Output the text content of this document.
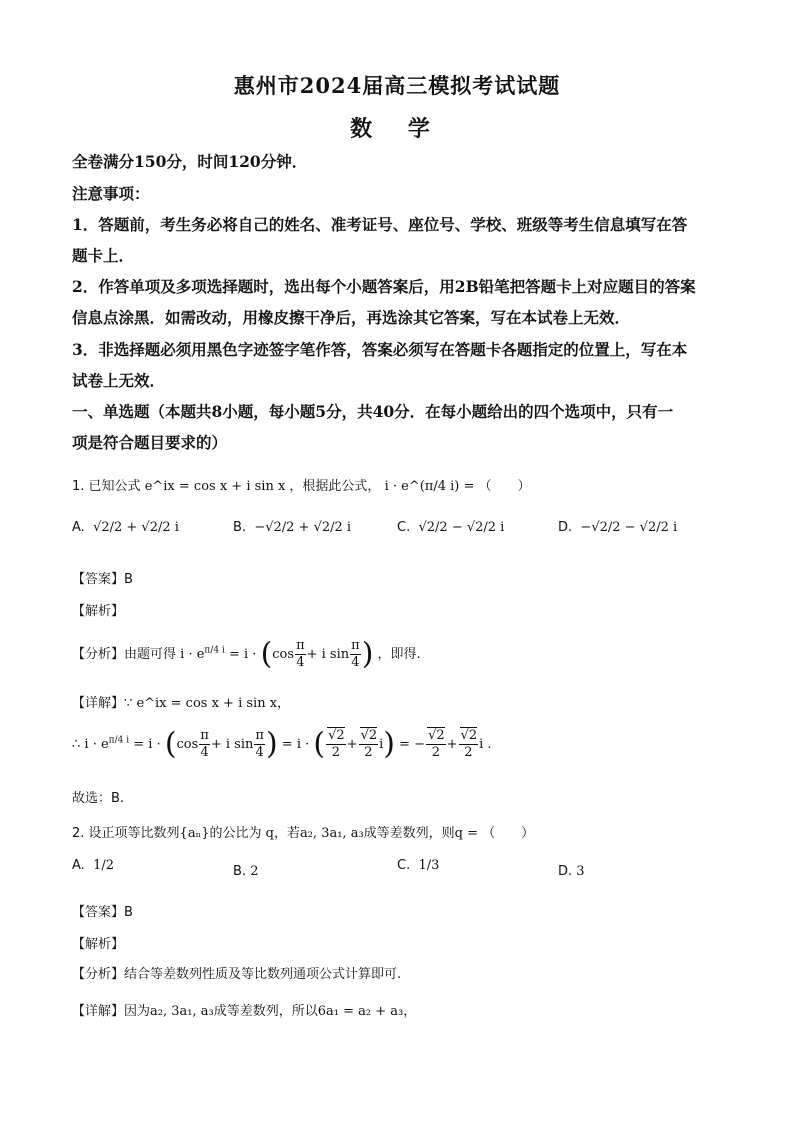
惠州市2024届高三模拟考试试题
数 学
全卷满分150分，时间120分钟．
注意事项：
1．答题前，考生务必将自己的姓名、准考证号、座位号、学校、班级等考生信息填写在答
题卡上．
2．作答单项及多项选择题时，选出每个小题答案后，用2B铅笔把答题卡上对应题目的答案
信息点涂黑．如需改动，用橡皮擦干净后，再选涂其它答案，写在本试卷上无效．
3．非选择题必须用黑色字迹签字笔作答，答案必须写在答题卡各题指定的位置上，写在本
试卷上无效．
一、单选题（本题共8小题，每小题5分，共40分．在每小题给出的四个选项中，只有一
项是符合题目要求的）
1. 已知公式 e^ix = cos x + i sin x ，根据此公式， i · e^(π/4 i) = （　　）
A.  √2/2 + √2/2 i	B.  −√2/2 + √2/2 i	C.  √2/2 − √2/2 i	D.  −√2/2 − √2/2 i
【答案】B
【解析】
【分析】由题可得 $i \cdot e^{\pi/4 i} = i \cdot (\cos \frac{\pi}{4} + i$ $\sin \frac{\pi}{4}$ ) ，即得.
【详解】∵ e^ix = cos x + i sin x，
∴ $i \cdot e^{\pi/4 i} = i \cdot (\cos \frac{\pi}{4} + i$ $\sin \frac{\pi}{4}$ ) = i · ( $\frac{√2}{2} + \frac{√2}{2} i$) = − $\frac{√2}{2} + \frac{√2}{2}$ i .
故选：B.
2. 设正项等比数列{aₙ}的公比为 q，若a₂, 3a₁, a₃成等差数列，则q = （　　）
A.  1/2	B. 2	C.  1/3	D. 3
【答案】B
【解析】
【分析】结合等差数列性质及等比数列通项公式计算即可.
【详解】因为a₂, 3a₁, a₃成等差数列，所以6a₁ = a₂ + a₃，
